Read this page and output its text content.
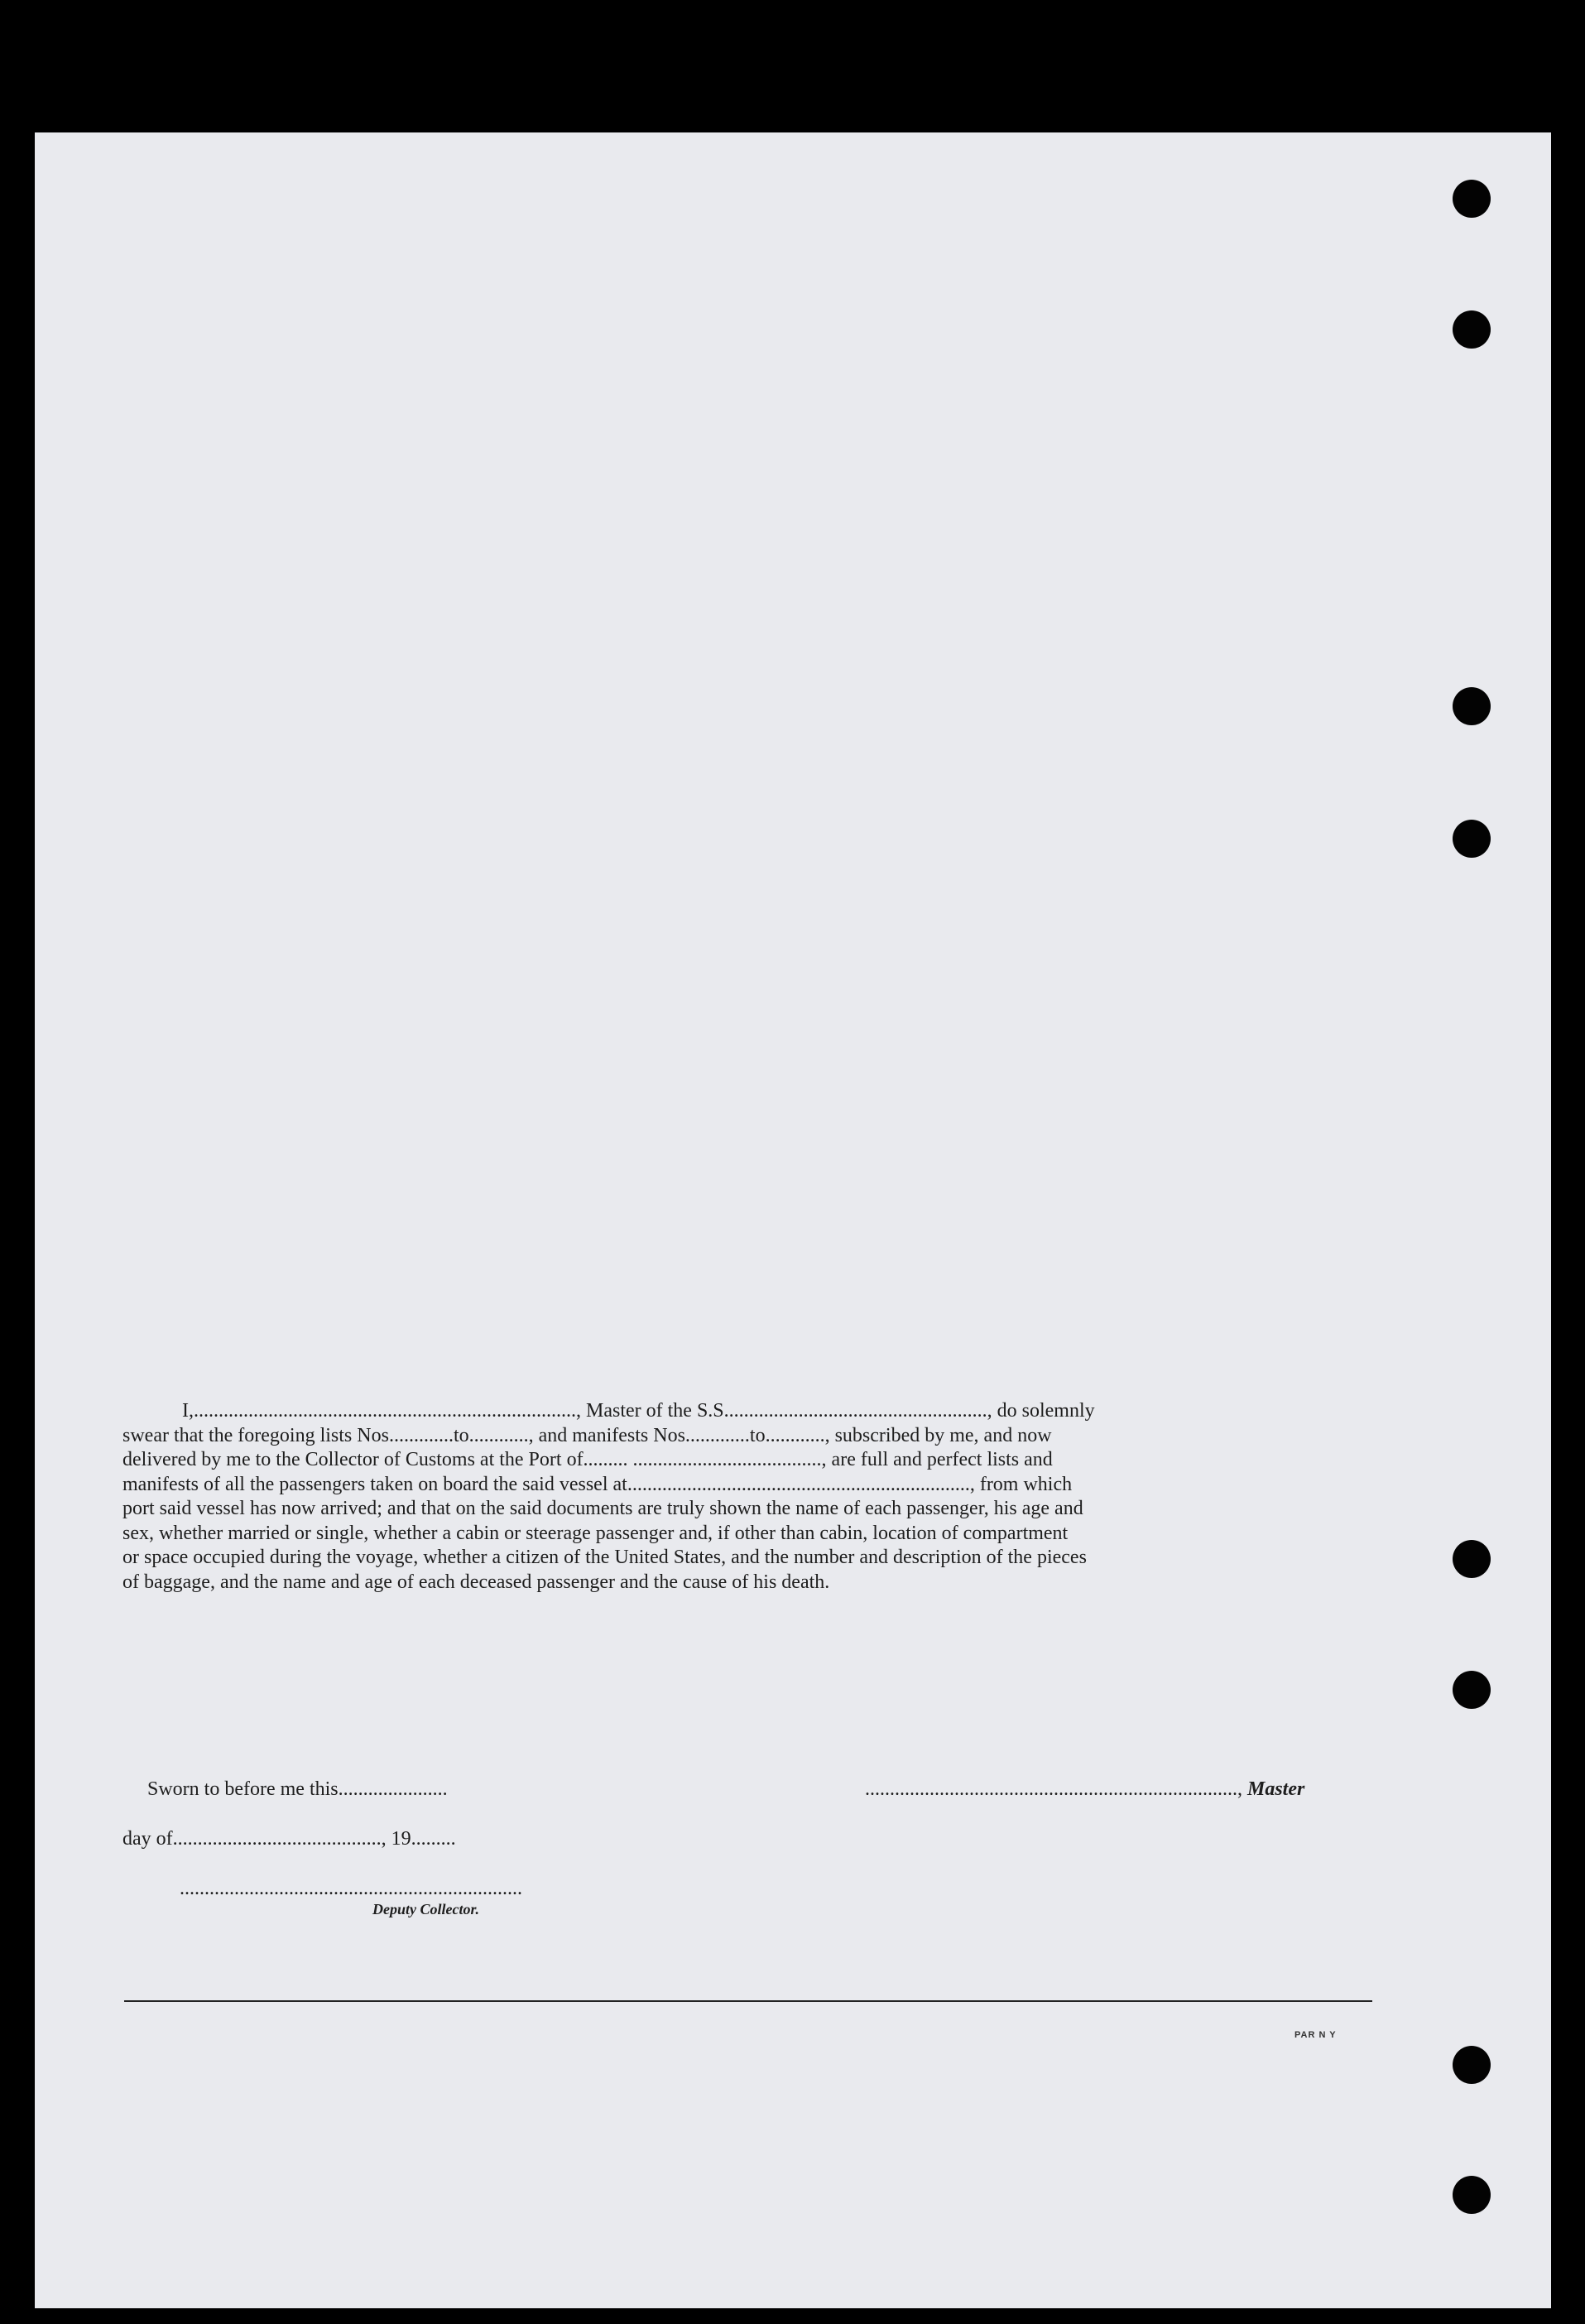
I,............................................................................., Master of the S.S....................................................., do solemnly
swear that the foregoing lists Nos.............to............, and manifests Nos.............to............, subscribed by me, and now
delivered by me to the Collector of Customs at the Port of......... ......................................, are full and perfect lists and
manifests of all the passengers taken on board the said vessel at....................................................................., from which
port said vessel has now arrived; and that on the said documents are truly shown the name of each passenger, his age and
sex, whether married or single, whether a cabin or steerage passenger and, if other than cabin, location of compartment
or space occupied during the voyage, whether a citizen of the United States, and the number and description of the pieces
of baggage, and the name and age of each deceased passenger and the cause of his death.
Sworn to before me this......................	..........................................................................., Master
day of.........................................., 19.........
.....................................................................
Deputy Collector.
PAR N Y
